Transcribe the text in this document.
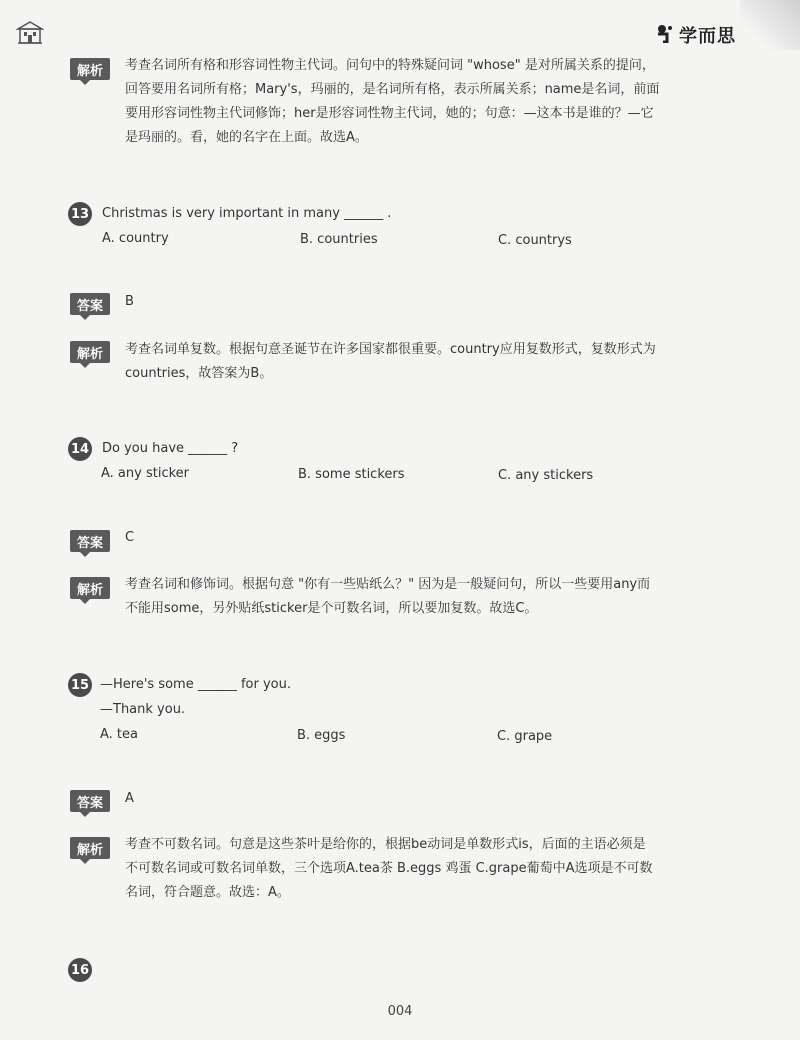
学而思
解析	考查名词所有格和形容词性物主代词。问句中的特殊疑问词 "whose" 是对所属关系的提问，
回答要用名词所有格；Mary's，玛丽的，是名词所有格，表示所属关系；name是名词，前面
要用形容词性物主代词修饰；her是形容词性物主代词，她的；句意：—这本书是谁的？—它
是玛丽的。看，她的名字在上面。故选A。
13 Christmas is very important in many ______ .
A. country	B. countries	C. countrys
答案	B
解析	考查名词单复数。根据句意圣诞节在许多国家都很重要。country应用复数形式，复数形式为
countries，故答案为B。
14 Do you have ______ ?
A. any sticker	B. some stickers	C. any stickers
答案	C
解析	考查名词和修饰词。根据句意 "你有一些贴纸么？" 因为是一般疑问句，所以一些要用any而
不能用some，另外贴纸sticker是个可数名词，所以要加复数。故选C。
15 —Here's some ______ for you.
—Thank you.
A. tea	B. eggs	C. grape
答案	A
解析	考查不可数名词。句意是这些茶叶是给你的，根据be动词是单数形式is，后面的主语必须是
不可数名词或可数名词单数，三个选项A.tea茶 B.eggs 鸡蛋 C.grape葡萄中A选项是不可数
名词，符合题意。故选：A。
16
004
